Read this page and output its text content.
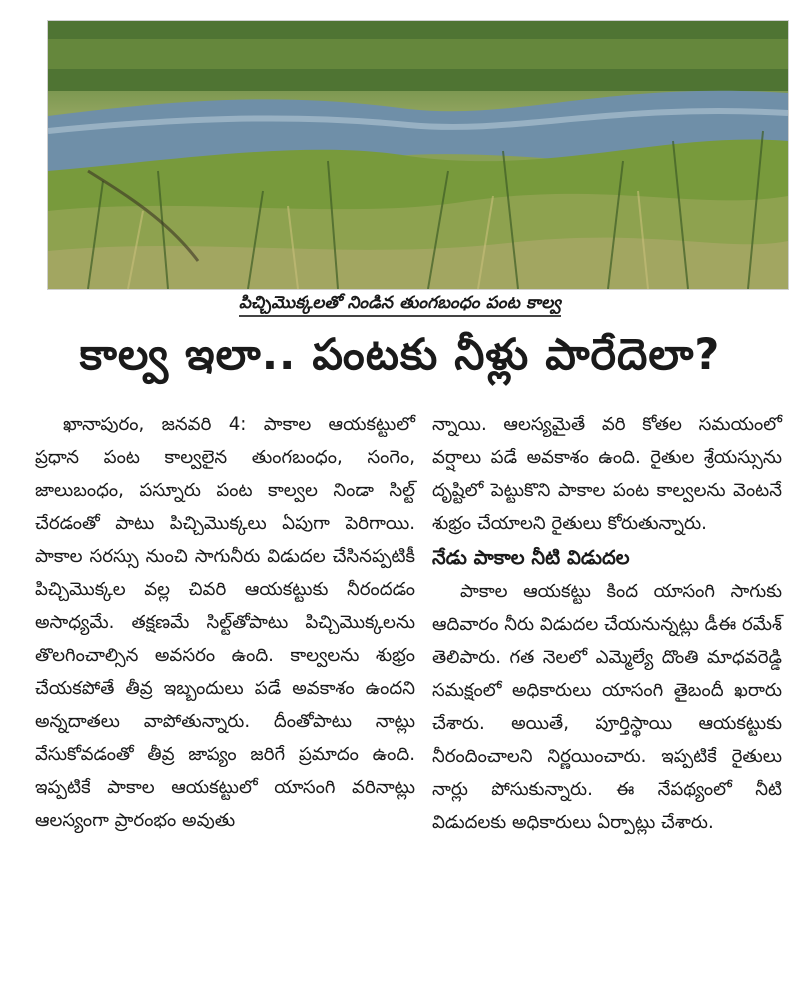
పిచ్చిమొక్కలతో నిండిన తుంగబంధం పంట కాల్వ
కాల్వ ఇలా.. పంటకు నీళ్లు పారేదెలా?

ఖానాపురం, జనవరి 4: పాకాల ఆయకట్టులో ప్రధాన పంట కాల్వలైన తుంగబంధం, సంగెం, జాలుబంధం, పస్నూరు పంట కాల్వల నిండా సిల్ట్‌ చేరడంతో పాటు పిచ్చిమొక్కలు ఏపుగా పెరిగాయి. పాకాల సరస్సు నుంచి సాగునీరు విడుదల చేసినప్పటికీ పిచ్చిమొక్కల వల్ల చివరి ఆయకట్టుకు నీరందడం అసాధ్యమే. తక్షణమే సిల్ట్‌తోపాటు పిచ్చిమొక్కలను తొలగించాల్సిన అవసరం ఉంది. కాల్వలను శుభ్రం చేయకపోతే తీవ్ర ఇబ్బందులు పడే అవకాశం ఉందని అన్నదాతలు వాపోతున్నారు. దీంతోపాటు నాట్లు వేసుకోవడంతో తీవ్ర జాప్యం జరిగే ప్రమాదం ఉంది. ఇప్పటికే పాకాల ఆయకట్టులో యాసంగి వరినాట్లు ఆలస్యంగా ప్రారంభం అవుతు

న్నాయి. ఆలస్యమైతే వరి కోతల సమయంలో వర్షాలు పడే అవకాశం ఉంది. రైతుల శ్రేయస్సును దృష్టిలో పెట్టుకొని పాకాల పంట కాల్వలను వెంటనే శుభ్రం చేయాలని రైతులు కోరుతున్నారు.

నేడు పాకాల నీటి విడుదల

పాకాల ఆయకట్టు కింద యాసంగి సాగుకు ఆదివారం నీరు విడుదల చేయనున్నట్లు డీఈ రమేశ్‌ తెలిపారు. గత నెలలో ఎమ్మెల్యే దొంతి మాధవరెడ్డి సమక్షంలో అధికారులు యాసంగి తైబందీ ఖరారు చేశారు. అయితే, పూర్తిస్థాయి ఆయకట్టుకు నీరందించాలని నిర్ణయించారు. ఇప్పటికే రైతులు నార్లు పోసుకున్నారు. ఈ నేపథ్యంలో నీటి విడుదలకు అధికారులు ఏర్పాట్లు చేశారు.
